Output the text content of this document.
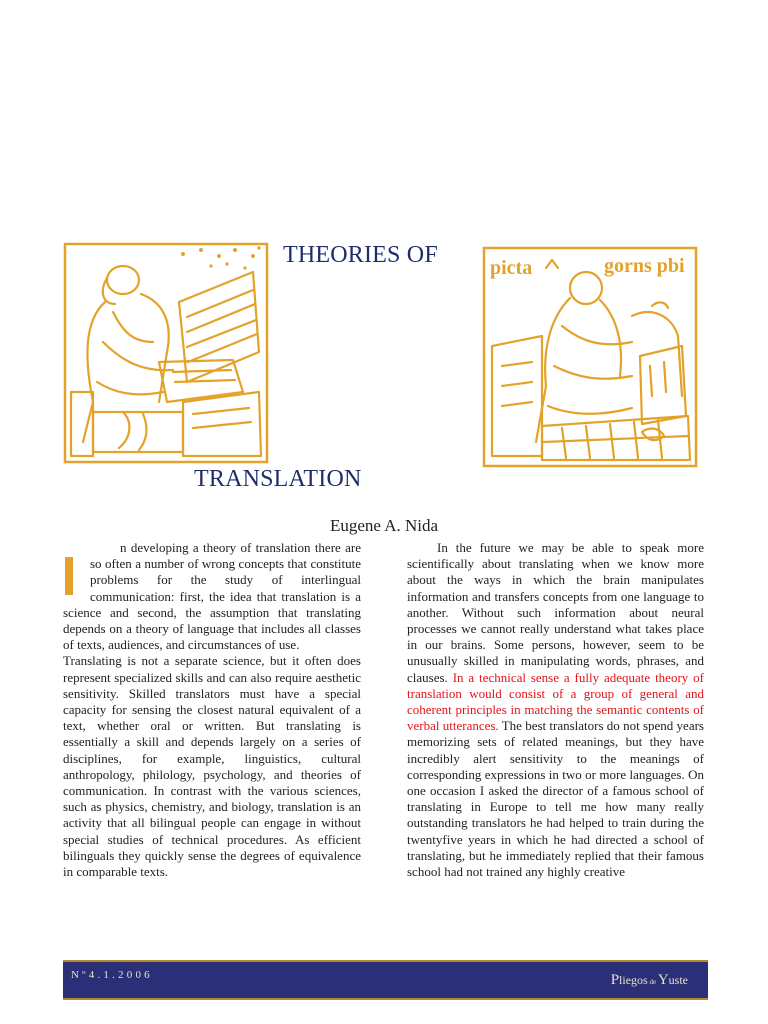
THEORIES OF	picta	gorns pbi
TRANSLATION
Eugene A. Nida

n developing a theory of translation there are so often a number of wrong concepts that constitute problems for the study of interlingual communication: first, the idea that translation is a science and second, the assumption that translating depends on a theory of language that includes all classes of texts, audiences, and circumstances of use.

Translating is not a separate science, but it often does represent specialized skills and can also require aesthetic sensitivity. Skilled translators must have a special capacity for sensing the closest natural equivalent of a text, whether oral or written. But translating is essentially a skill and depends largely on a series of disciplines, for example, linguistics, cultural anthropology, philology, psychology, and theories of communication. In contrast with the various sciences, such as physics, chemistry, and biology, translation is an activity that all bilingual people can engage in without special studies of technical procedures. As efficient bilinguals they quickly sense the degrees of equivalence in comparable texts.

In the future we may be able to speak more scientifically about translating when we know more about the ways in which the brain manipulates information and transfers concepts from one language to another. Without such information about neural processes we cannot really understand what takes place in our brains. Some persons, however, seem to be unusually skilled in manipulating words, phrases, and clauses. In a technical sense a fully adequate theory of translation would consist of a group of general and coherent principles in matching the semantic contents of verbal utterances. The best translators do not spend years memorizing sets of related meanings, but they have incredibly alert sensitivity to the meanings of corresponding expressions in two or more languages. On one occasion I asked the director of a famous school of translating in Europe to tell me how many really outstanding translators he had helped to train during the twentyfive years in which he had directed a school of translating, but he immediately replied that their famous school had not trained any highly creative

Nº4.1.2006	Pliegos de Yuste
